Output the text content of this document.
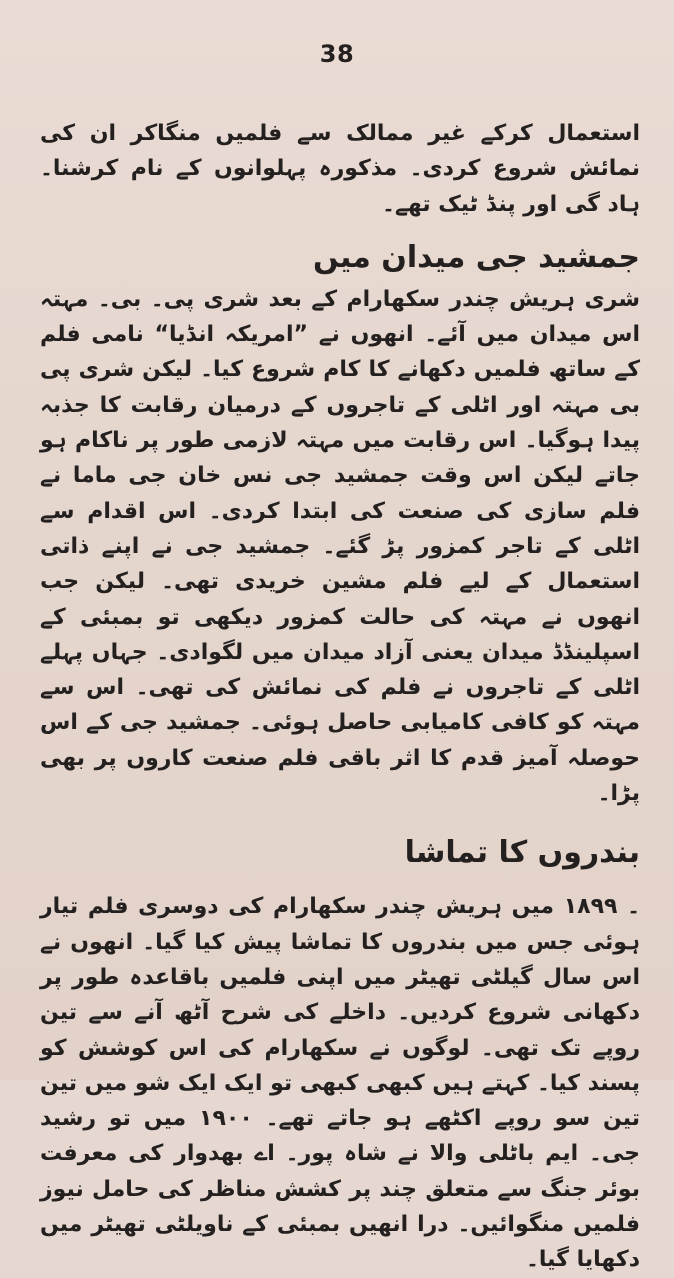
38

استعمال کرکے غیر ممالک سے فلمیں منگاکر ان کی نمائش شروع کردی۔ مذکورہ پہلوانوں کے نام کرشنا۔ ہاد گی اور پنڈ ٹیک تھے۔

جمشید جی میدان میں

شری ہریش چندر سکھارام کے بعد شری پی۔ بی۔ مہتہ اس میدان میں آئے۔ انھوں نے ”امریکہ انڈیا“ نامی فلم کے ساتھ فلمیں دکھانے کا کام شروع کیا۔ لیکن شری پی بی مہتہ اور اٹلی کے تاجروں کے درمیان رقابت کا جذبہ پیدا ہوگیا۔ اس رقابت میں مہتہ لازمی طور پر ناکام ہو جاتے لیکن اس وقت جمشید جی نس خان جی ماما نے فلم سازی کی صنعت کی ابتدا کردی۔ اس اقدام سے اٹلی کے تاجر کمزور پڑ گئے۔ جمشید جی نے اپنے ذاتی استعمال کے لیے فلم مشین خریدی تھی۔ لیکن جب انھوں نے مہتہ کی حالت کمزور دیکھی تو بمبئی کے اسپلینڈڈ میدان یعنی آزاد میدان میں لگوادی۔ جہاں پہلے اٹلی کے تاجروں نے فلم کی نمائش کی تھی۔ اس سے مہتہ کو کافی کامیابی حاصل ہوئی۔ جمشید جی کے اس حوصلہ آمیز قدم کا اثر باقی فلم صنعت کاروں پر بھی پڑا۔

بندروں کا تماشا

۔ ۱۸۹۹ میں ہریش چندر سکھارام کی دوسری فلم تیار ہوئی جس میں بندروں کا تماشا پیش کیا گیا۔ انھوں نے اس سال گیلٹی تھیٹر میں اپنی فلمیں باقاعدہ طور پر دکھانی شروع کردیں۔ داخلے کی شرح آٹھ آنے سے تین روپے تک تھی۔ لوگوں نے سکھارام کی اس کوشش کو پسند کیا۔ کہتے ہیں کبھی کبھی تو ایک ایک شو میں تین تین سو روپے اکٹھے ہو جاتے تھے۔ ۱۹۰۰ میں تو رشید جی۔ ایم باٹلی والا نے شاہ پور۔ اے بھدوار کی معرفت بوئر جنگ سے متعلق چند پر کشش مناظر کی حامل نیوز فلمیں منگوائیں۔ درا انھیں بمبئی کے ناویلٹی تھیٹر میں دکھایا گیا۔
